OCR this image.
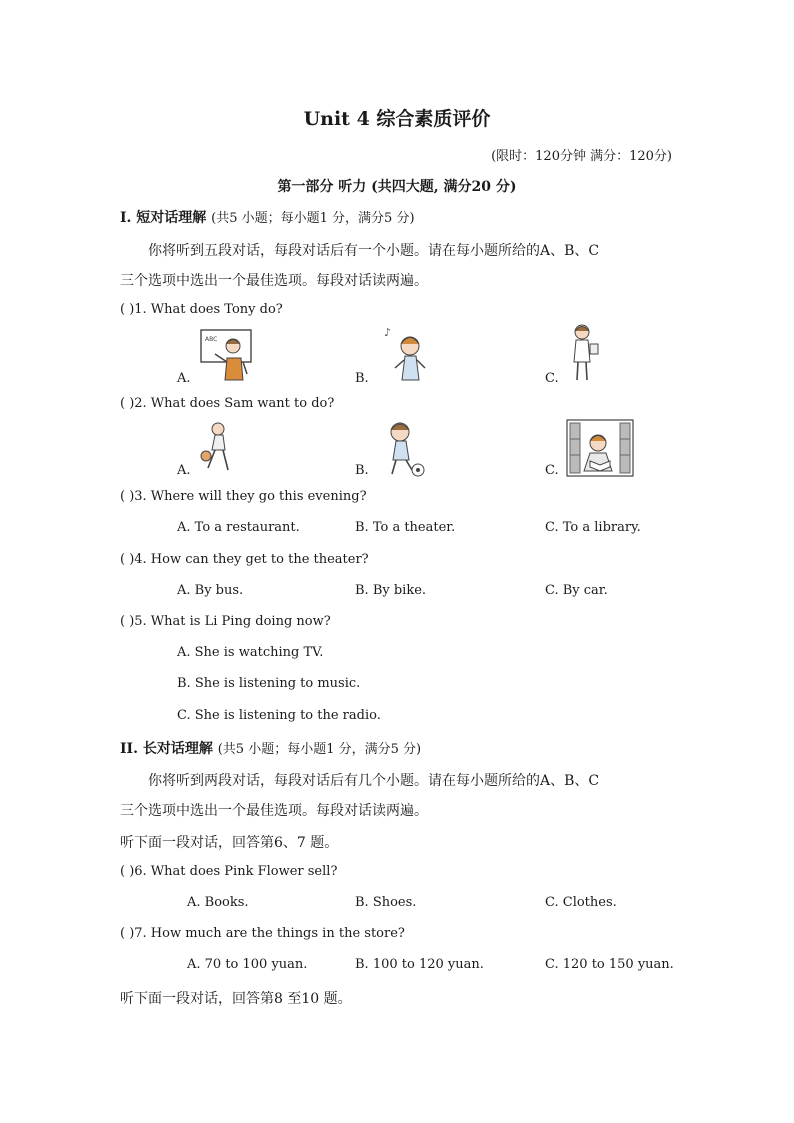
Unit 4 综合素质评价
(限时：120分钟 满分：120分)
第一部分 听力 (共四大题, 满分20 分)
I. 短对话理解 (共5 小题；每小题1 分，满分5 分)
你将听到五段对话，每段对话后有一个小题。请在每小题所给的A、B、C
三个选项中选出一个最佳选项。每段对话读两遍。
( )1. What does Tony do?
A.	B.	C.
ABC
♪
( )2. What does Sam want to do?
A.	B.	C.
( )3. Where will they go this evening?
A. To a restaurant.	B. To a theater.	C. To a library.
( )4. How can they get to the theater?
A. By bus.	B. By bike.	C. By car.
( )5. What is Li Ping doing now?
A. She is watching TV.
B. She is listening to music.
C. She is listening to the radio.
II. 长对话理解 (共5 小题；每小题1 分，满分5 分)
你将听到两段对话，每段对话后有几个小题。请在每小题所给的A、B、C
三个选项中选出一个最佳选项。每段对话读两遍。
听下面一段对话，回答第6、7 题。
( )6. What does Pink Flower sell?
A. Books.	B. Shoes.	C. Clothes.
( )7. How much are the things in the store?
A. 70 to 100 yuan.	B. 100 to 120 yuan.	C. 120 to 150 yuan.
听下面一段对话，回答第8 至10 题。
